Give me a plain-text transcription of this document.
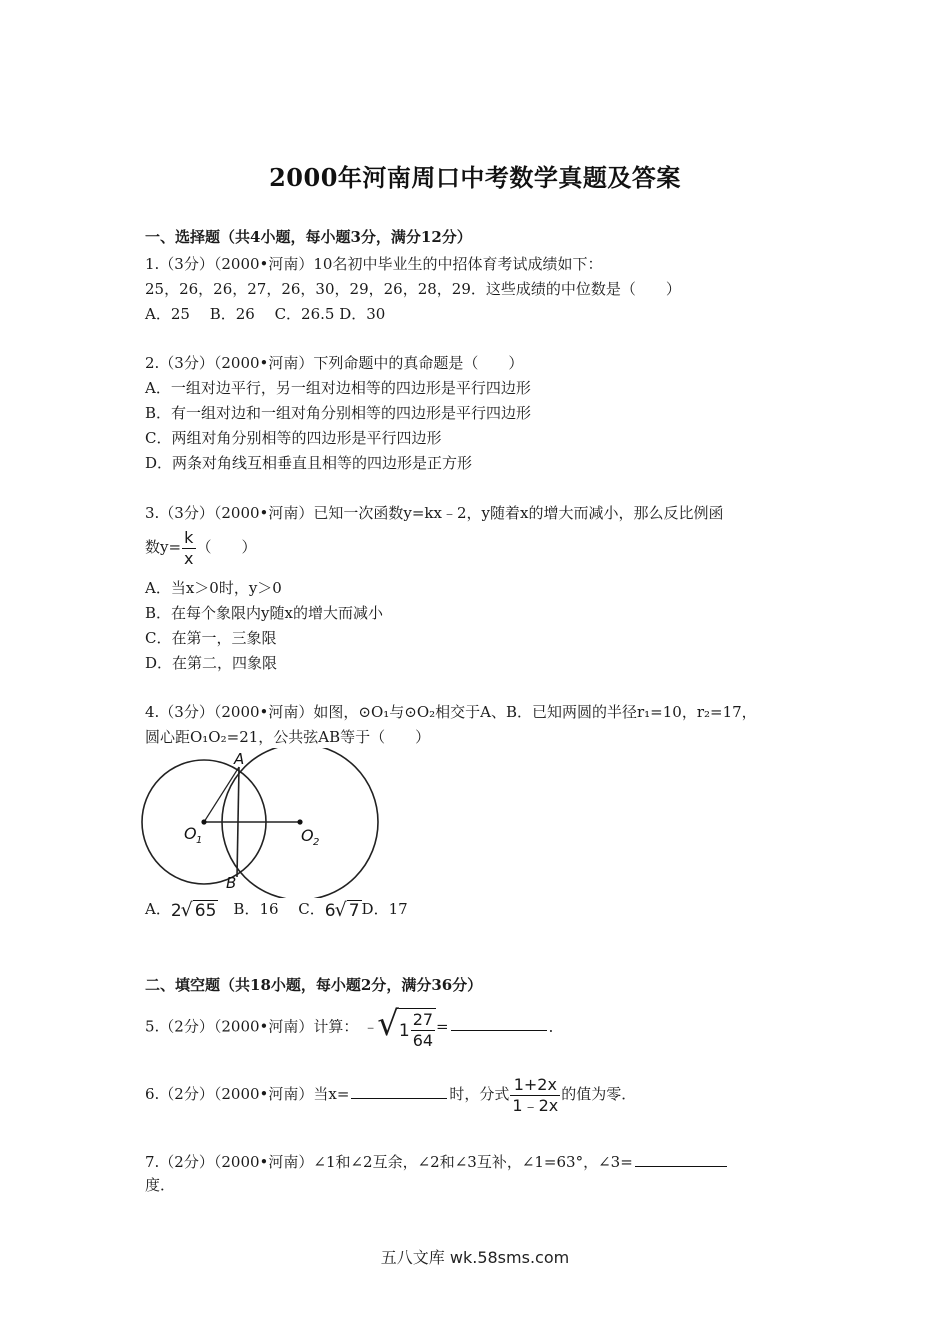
2000年河南周口中考数学真题及答案
一、选择题（共4小题，每小题3分，满分12分）
1.（3分）（2000•河南）10名初中毕业生的中招体育考试成绩如下：
25，26，26，27，26，30，29，26，28，29．这些成绩的中位数是（　　）
A．25　 B．26　 C．26.5 D．30
2.（3分）（2000•河南）下列命题中的真命题是（　　）
A．一组对边平行，另一组对边相等的四边形是平行四边形
B．有一组对边和一组对角分别相等的四边形是平行四边形
C．两组对角分别相等的四边形是平行四边形
D．两条对角线互相垂直且相等的四边形是正方形
3.（3分）（2000•河南）已知一次函数y=kx﹣2，y随着x的增大而减小，那么反比例函
数$y= \frac{k}{x}$ （　　）
A．当x＞0时，y＞0
B．在每个象限内y随x的增大而减小
C．在第一，三象限
D．在第二，四象限
4.（3分）（2000•河南）如图，⊙O₁与⊙O₂相交于A、B．已知两圆的半径r₁=10，r₂=17，
圆心距O₁O₂=21，公共弦AB等于（　　）
A
B
O 1	O 2
A．2√ 65　B．16　 C．6√ 7 D．17
二、填空题（共18小题，每小题2分，满分36分）
5.（2分）（2000•河南）计算： ﹣√1 $\frac{27}{64}$ =	．
6.（2分）（2000•河南）当x=	时，分式 $\frac{1+2x}{1﹣2x}$ 的值为零．
7.（2分）（2000•河南）∠1和∠2互余，∠2和∠3互补，∠1=63°，∠3=
度．
五八文库 wk.58sms.com
